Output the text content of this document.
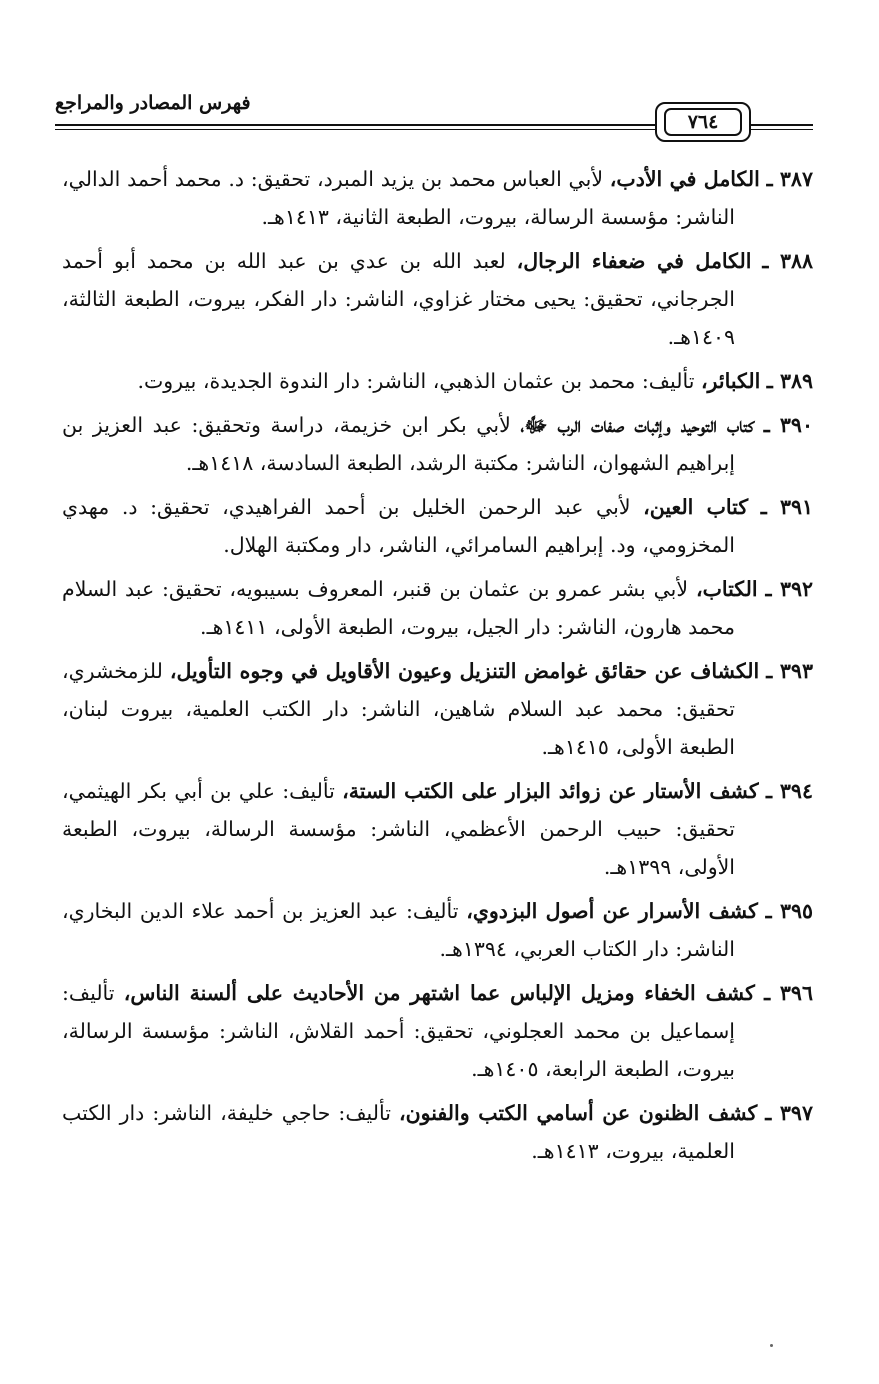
فهرس المصادر والمراجع
٧٦٤
٣٨٧ ـ الكامل في الأدب، لأبي العباس محمد بن يزيد المبرد، تحقيق: د. محمد أحمد الدالي، الناشر: مؤسسة الرسالة، بيروت، الطبعة الثانية، ١٤١٣هـ.
٣٨٨ ـ الكامل في ضعفاء الرجال، لعبد الله بن عدي بن عبد الله بن محمد أبو أحمد الجرجاني، تحقيق: يحيى مختار غزاوي، الناشر: دار الفكر، بيروت، الطبعة الثالثة، ١٤٠٩هـ.
٣٨٩ ـ الكبائر، تأليف: محمد بن عثمان الذهبي، الناشر: دار الندوة الجديدة، بيروت.
٣٩٠ ـ كتاب التوحيد وإثبات صفات الرب ﷻ، لأبي بكر ابن خزيمة، دراسة وتحقيق: عبد العزيز بن إبراهيم الشهوان، الناشر: مكتبة الرشد، الطبعة السادسة، ١٤١٨هـ.
٣٩١ ـ كتاب العين، لأبي عبد الرحمن الخليل بن أحمد الفراهيدي، تحقيق: د. مهدي المخزومي، ود. إبراهيم السامرائي، الناشر، دار ومكتبة الهلال.
٣٩٢ ـ الكتاب، لأبي بشر عمرو بن عثمان بن قنبر، المعروف بسيبويه، تحقيق: عبد السلام محمد هارون، الناشر: دار الجيل، بيروت، الطبعة الأولى، ١٤١١هـ.
٣٩٣ ـ الكشاف عن حقائق غوامض التنزيل وعيون الأقاويل في وجوه التأويل، للزمخشري، تحقيق: محمد عبد السلام شاهين، الناشر: دار الكتب العلمية، بيروت لبنان، الطبعة الأولى، ١٤١٥هـ.
٣٩٤ ـ كشف الأستار عن زوائد البزار على الكتب الستة، تأليف: علي بن أبي بكر الهيثمي، تحقيق: حبيب الرحمن الأعظمي، الناشر: مؤسسة الرسالة، بيروت، الطبعة الأولى، ١٣٩٩هـ.
٣٩٥ ـ كشف الأسرار عن أصول البزدوي، تأليف: عبد العزيز بن أحمد علاء الدين البخاري، الناشر: دار الكتاب العربي، ١٣٩٤هـ.
٣٩٦ ـ كشف الخفاء ومزيل الإلباس عما اشتهر من الأحاديث على ألسنة الناس، تأليف: إسماعيل بن محمد العجلوني، تحقيق: أحمد القلاش، الناشر: مؤسسة الرسالة، بيروت، الطبعة الرابعة، ١٤٠٥هـ.
٣٩٧ ـ كشف الظنون عن أسامي الكتب والفنون، تأليف: حاجي خليفة، الناشر: دار الكتب العلمية، بيروت، ١٤١٣هـ.
